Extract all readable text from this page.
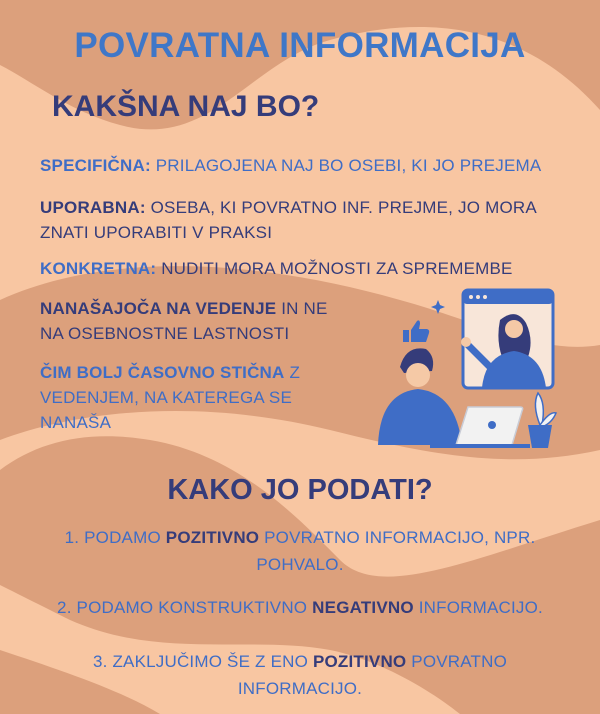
POVRATNA INFORMACIJA
KAKŠNA NAJ BO?

SPECIFIČNA: PRILAGOJENA NAJ BO OSEBI, KI JO PREJEMA

UPORABNA: OSEBA, KI POVRATNO INF. PREJME, JO MORA ZNATI UPORABITI V PRAKSI

KONKRETNA: NUDITI MORA MOŽNOSTI ZA SPREMEMBE

NANAŠAJOČA NA VEDENJE IN NE NA OSEBNOSTNE LASTNOSTI

ČIM BOLJ ČASOVNO STIČNA Z VEDENJEM, NA KATEREGA SE NANAŠA

KAKO JO PODATI?

1. PODAMO POZITIVNO POVRATNO INFORMACIJO, NPR. POHVALO.

2. PODAMO KONSTRUKTIVNO NEGATIVNO INFORMACIJO.

3. ZAKLJUČIMO ŠE Z ENO POZITIVNO POVRATNO INFORMACIJO.
